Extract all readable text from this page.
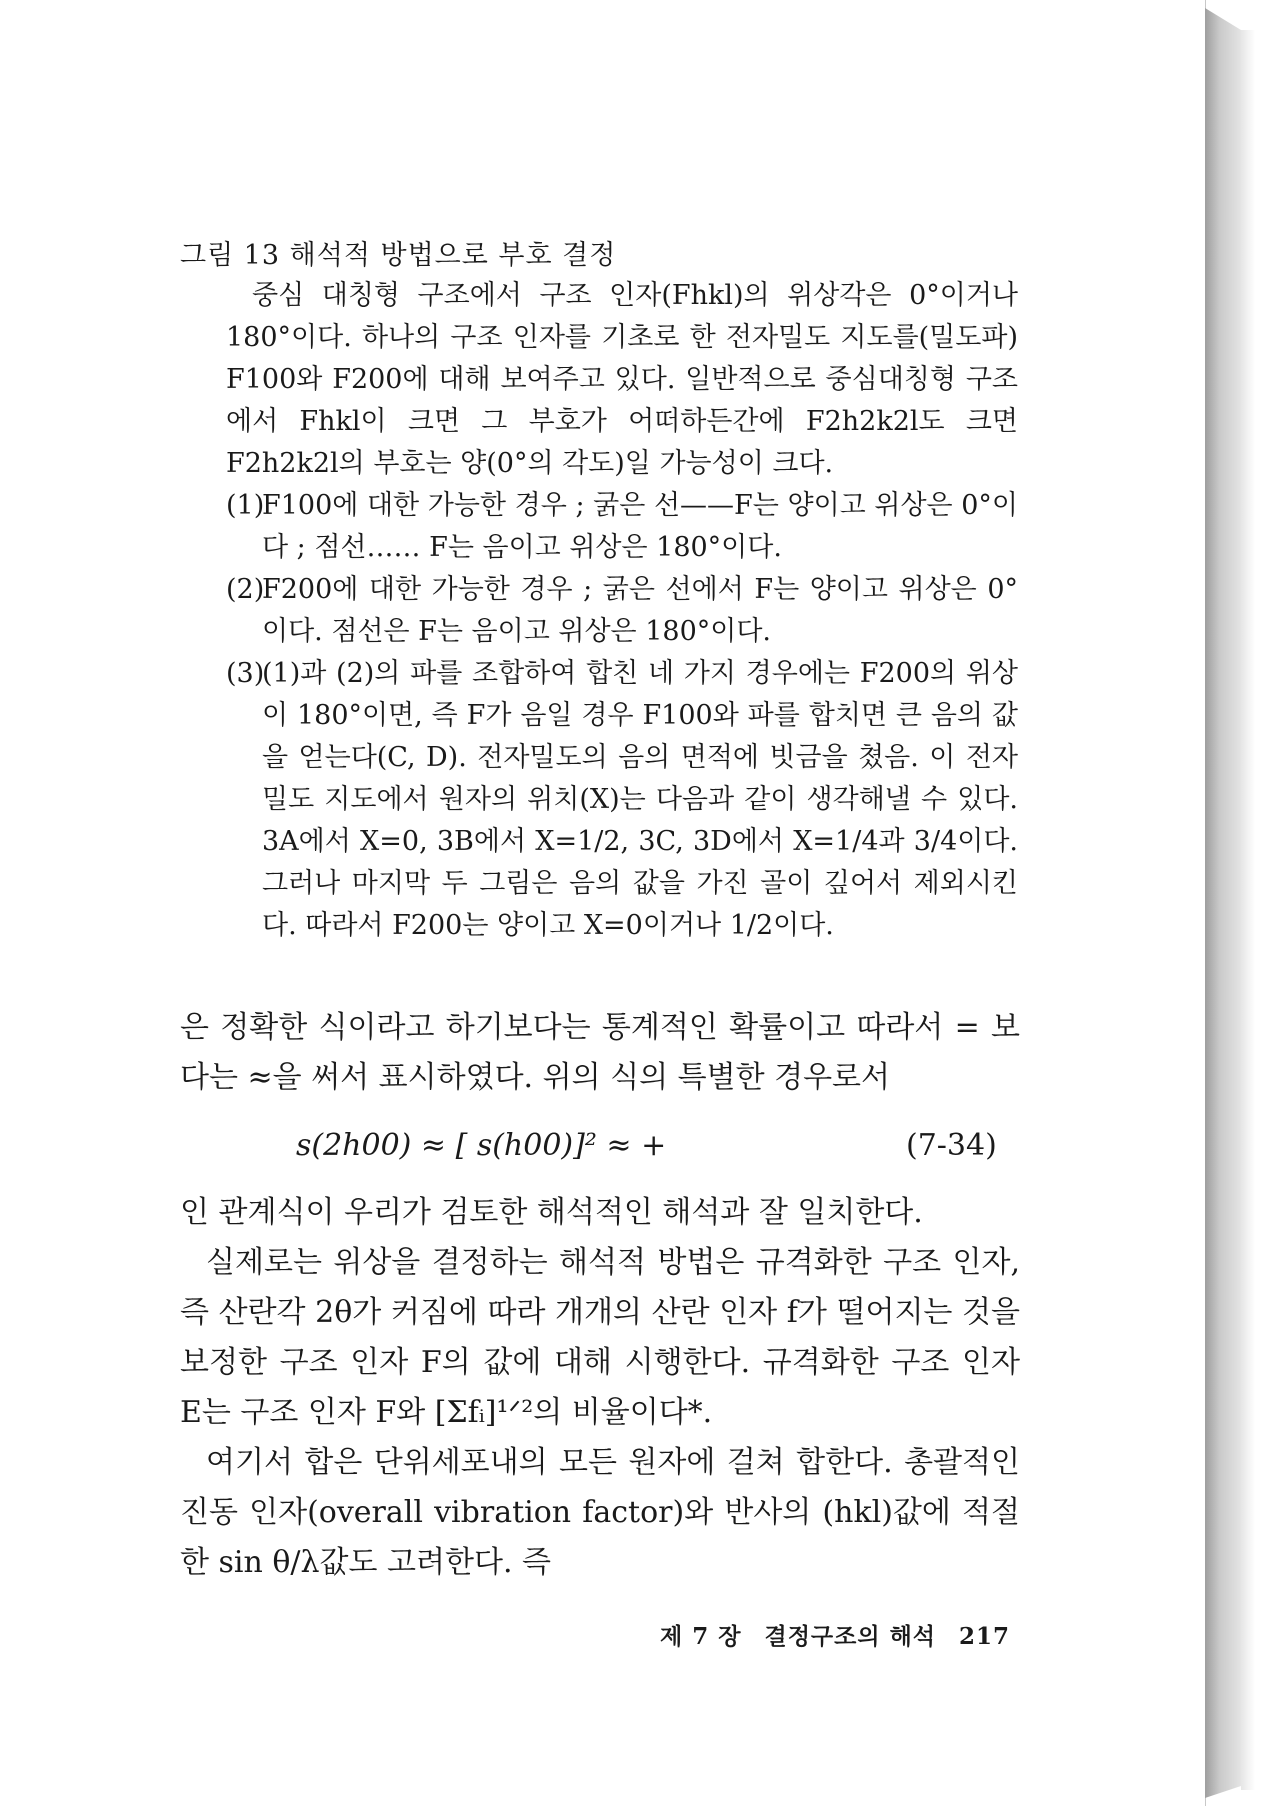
그림 13 해석적 방법으로 부호 결정

중심 대칭형 구조에서 구조 인자(Fhkl)의 위상각은 0°이거나 180°이다. 하나의 구조 인자를 기초로 한 전자밀도 지도를(밀도파) F100와 F200에 대해 보여주고 있다. 일반적으로 중심대칭형 구조에서 Fhkl이 크면 그 부호가 어떠하든간에 F2h2k2l도 크면 F2h2k2l의 부호는 양(0°의 각도)일 가능성이 크다.

(1)
F100에 대한 가능한 경우 ; 굵은 선——F는 양이고 위상은 0°이다 ; 점선…… F는 음이고 위상은 180°이다.
(2)
F200에 대한 가능한 경우 ; 굵은 선에서 F는 양이고 위상은 0°이다. 점선은 F는 음이고 위상은 180°이다.
(3)
(1)과 (2)의 파를 조합하여 합친 네 가지 경우에는 F200의 위상이 180°이면, 즉 F가 음일 경우 F100와 파를 합치면 큰 음의 값을 얻는다(C, D). 전자밀도의 음의 면적에 빗금을 쳤음. 이 전자밀도 지도에서 원자의 위치(X)는 다음과 같이 생각해낼 수 있다. 3A에서 X=0, 3B에서 X=1/2, 3C, 3D에서 X=1/4과 3/4이다. 그러나 마지막 두 그림은 음의 값을 가진 골이 깊어서 제외시킨다. 따라서 F200는 양이고 X=0이거나 1/2이다.

은 정확한 식이라고 하기보다는 통계적인 확률이고 따라서 = 보다는 ≈을 써서 표시하였다. 위의 식의 특별한 경우로서

s(2h00) ≈ [ s(h00)]² ≈ +	(7-34)

인 관계식이 우리가 검토한 해석적인 해석과 잘 일치한다.

실제로는 위상을 결정하는 해석적 방법은 규격화한 구조 인자, 즉 산란각 2θ가 커짐에 따라 개개의 산란 인자 f가 떨어지는 것을 보정한 구조 인자 F의 값에 대해 시행한다. 규격화한 구조 인자 E는 구조 인자 F와 [Σfᵢ]¹ᐟ²의 비율이다*.

여기서 합은 단위세포내의 모든 원자에 걸쳐 합한다. 총괄적인 진동 인자(overall vibration factor)와 반사의 (hkl)값에 적절한 sin θ/λ값도 고려한다. 즉

제 7 장 결정구조의 해석 217
